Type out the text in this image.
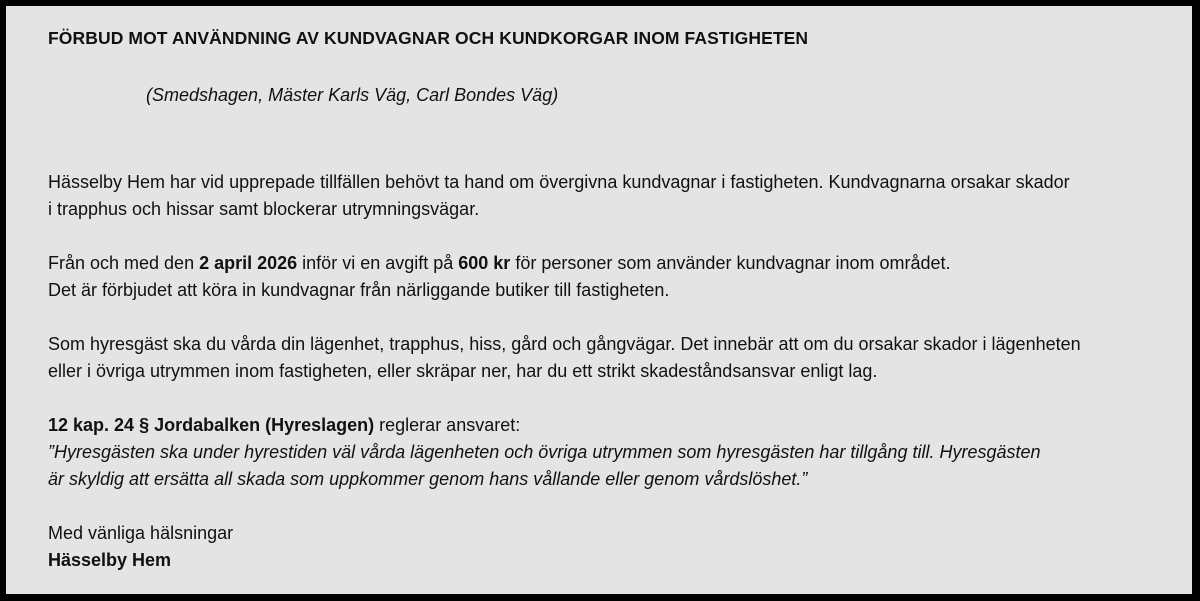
FÖRBUD MOT ANVÄNDNING AV KUNDVAGNAR OCH KUNDKORGAR INOM FASTIGHETEN

(Smedshagen, Mäster Karls Väg, Carl Bondes Väg)

Hässelby Hem har vid upprepade tillfällen behövt ta hand om övergivna kundvagnar i fastigheten. Kundvagnarna orsakar skador
i trapphus och hissar samt blockerar utrymningsvägar.

Från och med den 2 april 2026 inför vi en avgift på 600 kr för personer som använder kundvagnar inom området.
Det är förbjudet att köra in kundvagnar från närliggande butiker till fastigheten.

Som hyresgäst ska du vårda din lägenhet, trapphus, hiss, gård och gångvägar. Det innebär att om du orsakar skador i lägenheten
eller i övriga utrymmen inom fastigheten, eller skräpar ner, har du ett strikt skadeståndsansvar enligt lag.

12 kap. 24 § Jordabalken (Hyreslagen) reglerar ansvaret:
”Hyresgästen ska under hyrestiden väl vårda lägenheten och övriga utrymmen som hyresgästen har tillgång till. Hyresgästen
är skyldig att ersätta all skada som uppkommer genom hans vållande eller genom vårdslöshet.”

Med vänliga hälsningar
Hässelby Hem
